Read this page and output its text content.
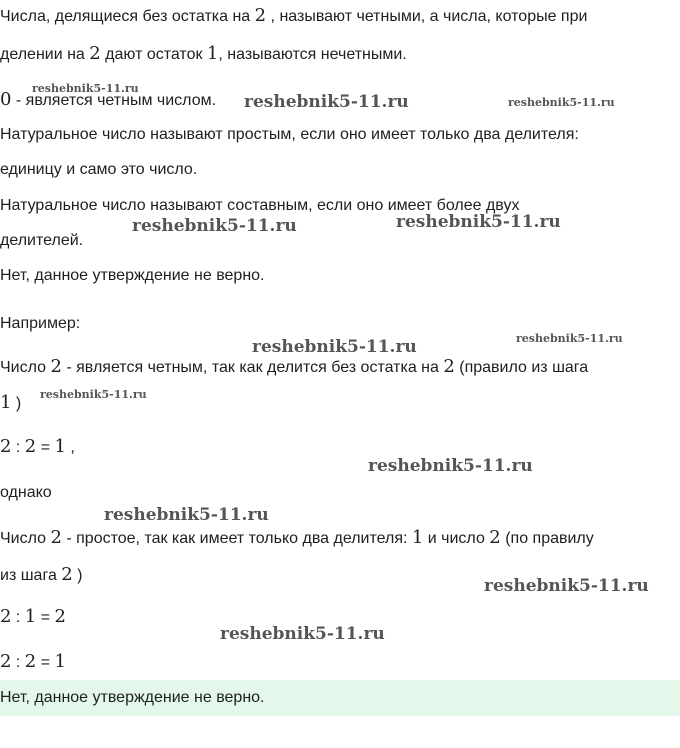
Числа, делящиеся без остатка на 2 , называют четными, а числа, которые при
делении на 2 дают остаток 1, называются нечетными.
0 - является четным числом.
Натуральное число называют простым, если оно имеет только два делителя:
единицу и само это число.
Натуральное число называют составным, если оно имеет более двух
делителей.
Нет, данное утверждение не верно.
Например:
Число 2 - является четным, так как делится без остатка на 2 (правило из шага
1 )
2 : 2 = 1 ,
однако
Число 2 - простое, так как имеет только два делителя: 1 и число 2 (по правилу
из шага 2 )
2 : 1 = 2
2 : 2 = 1
Нет, данное утверждение не верно.
reshebnik5-11.ru
reshebnik5-11.ru	reshebnik5-11.ru
reshebnik5-11.ru	reshebnik5-11.ru
reshebnik5-11.ru
reshebnik5-11.ru
reshebnik5-11.ru
reshebnik5-11.ru
reshebnik5-11.ru
reshebnik5-11.ru
reshebnik5-11.ru
